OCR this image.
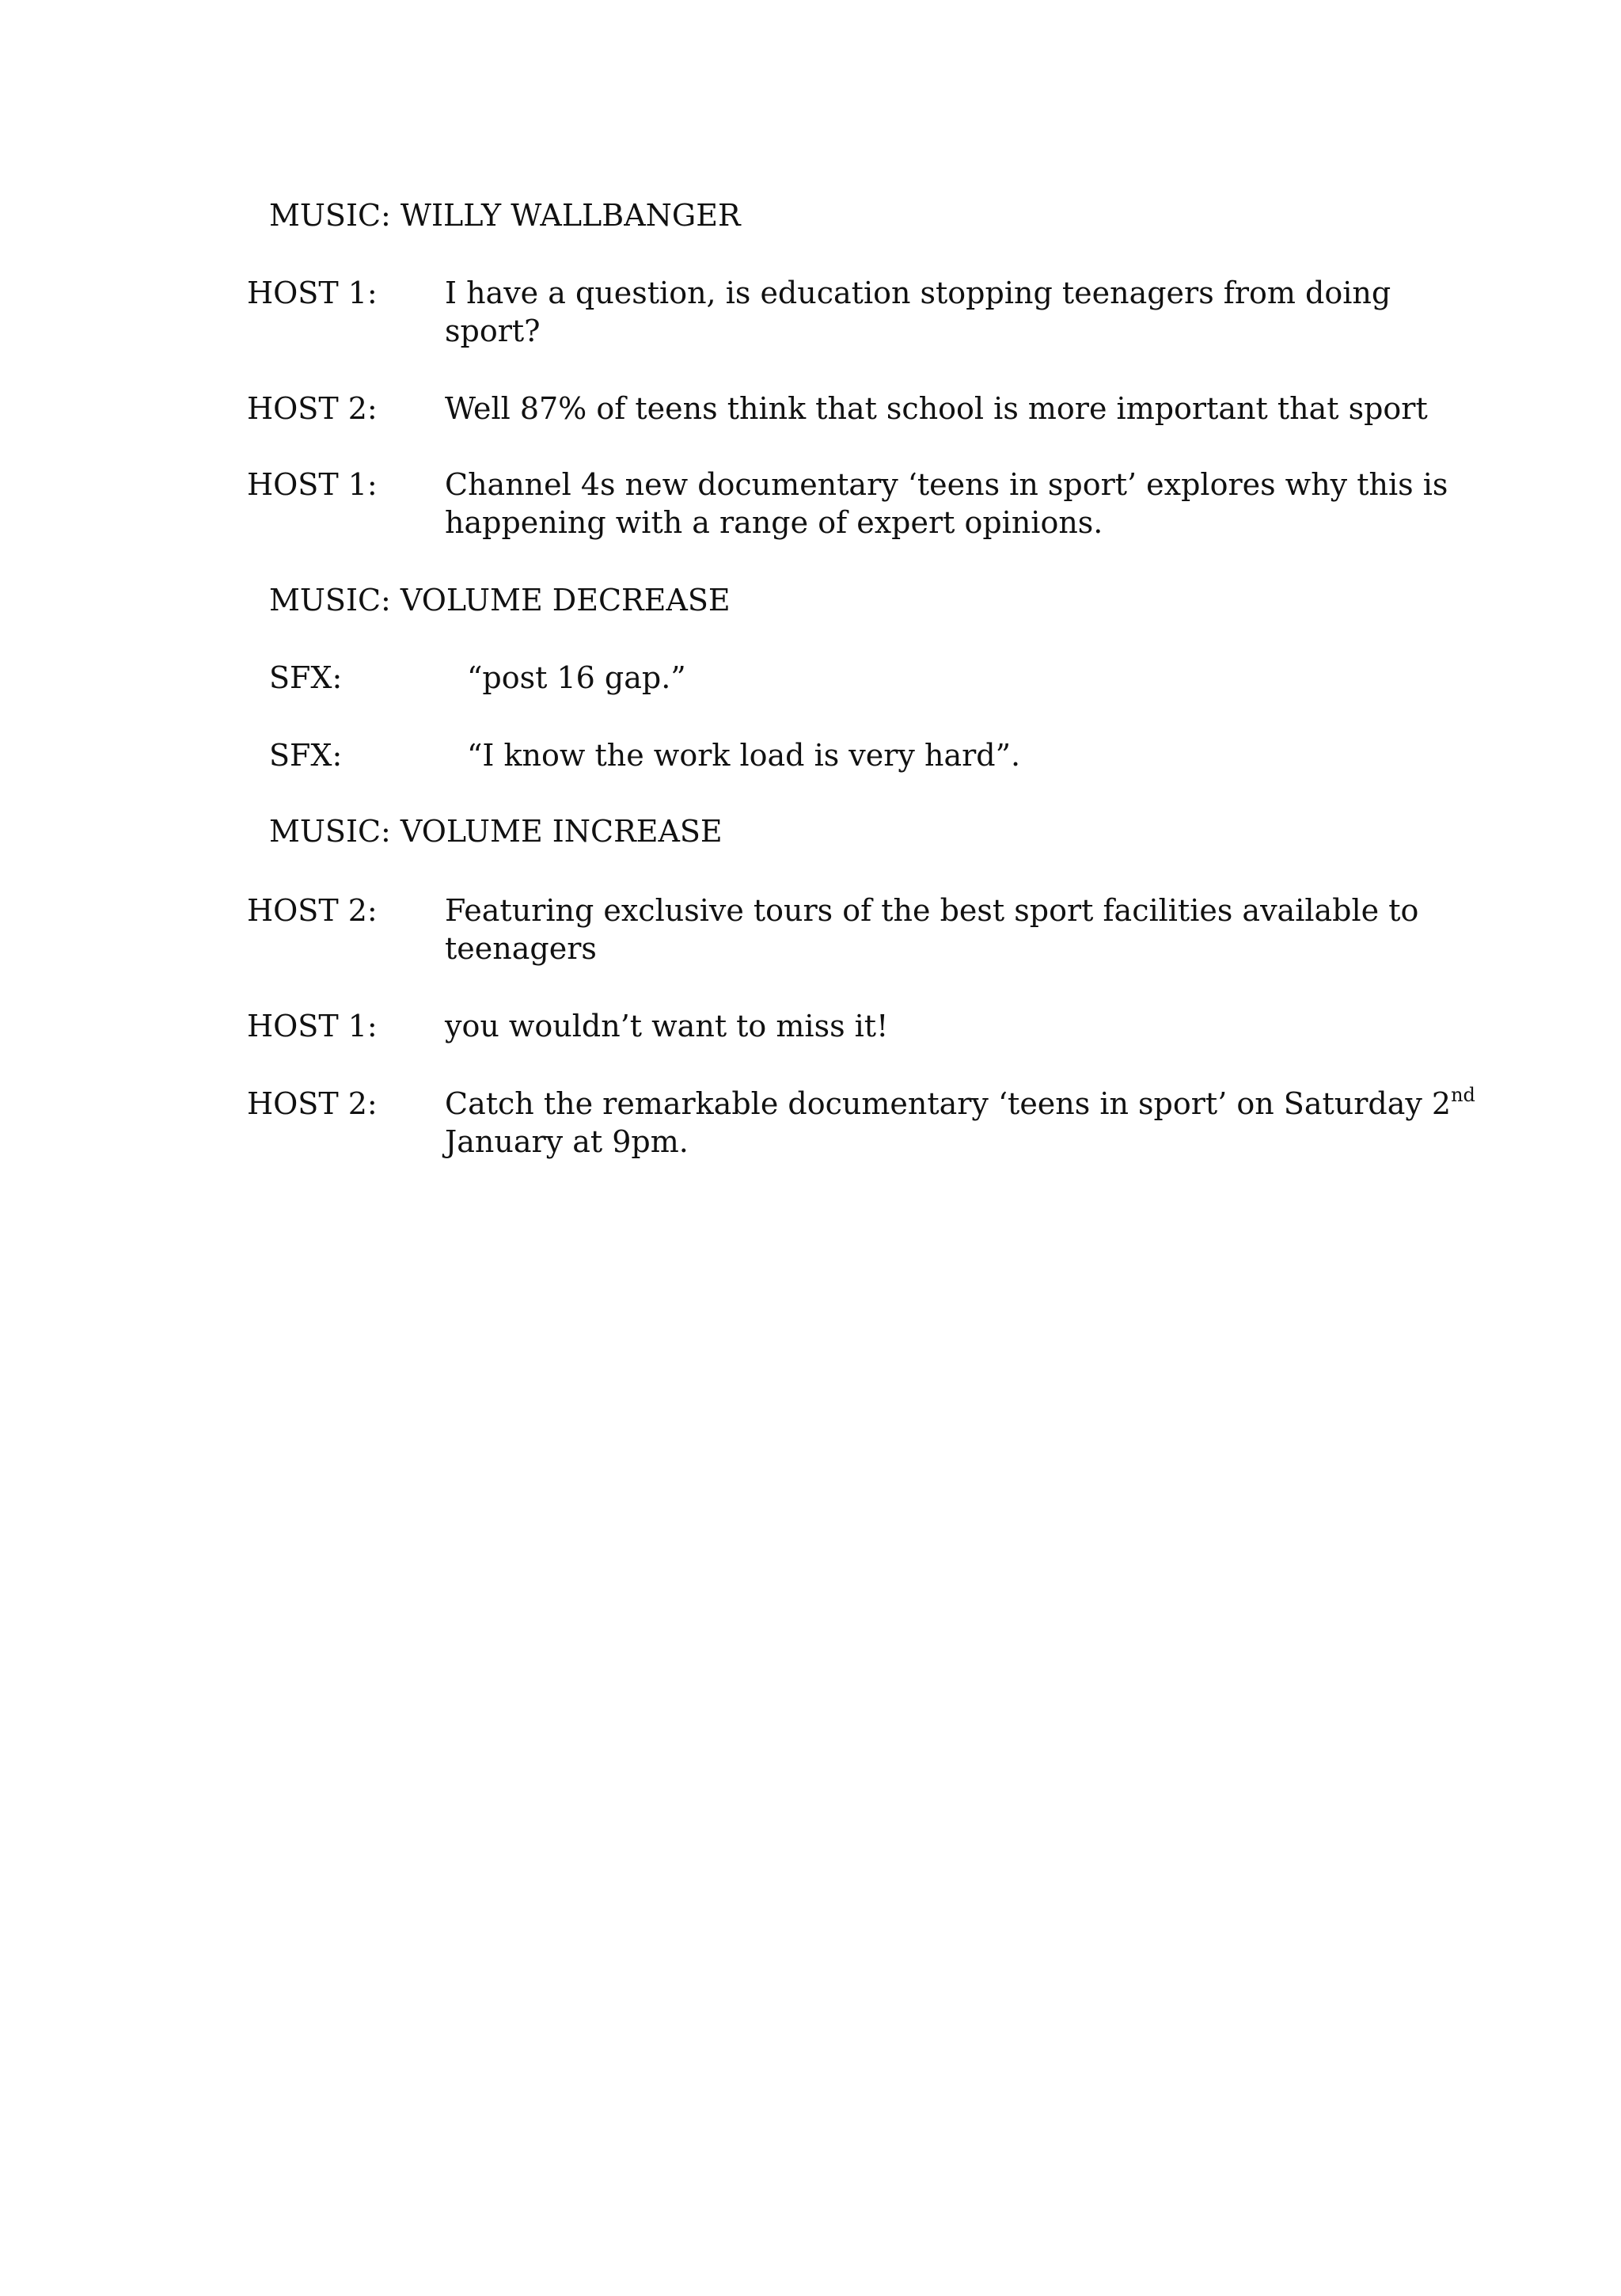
MUSIC: WILLY WALLBANGER
HOST 1: I have a question, is education stopping teenagers from doing
sport?
HOST 2: Well 87% of teens think that school is more important that sport
HOST 1: Channel 4s new documentary ‘teens in sport’ explores why this is
happening with a range of expert opinions.
MUSIC: VOLUME DECREASE
SFX:	“post 16 gap.”
SFX:	“I know the work load is very hard”.
MUSIC: VOLUME INCREASE
HOST 2: Featuring exclusive tours of the best sport facilities available to
teenagers
HOST 1: you wouldn’t want to miss it!
HOST 2: Catch the remarkable documentary ‘teens in sport’ on Saturday 2nd
January at 9pm.
